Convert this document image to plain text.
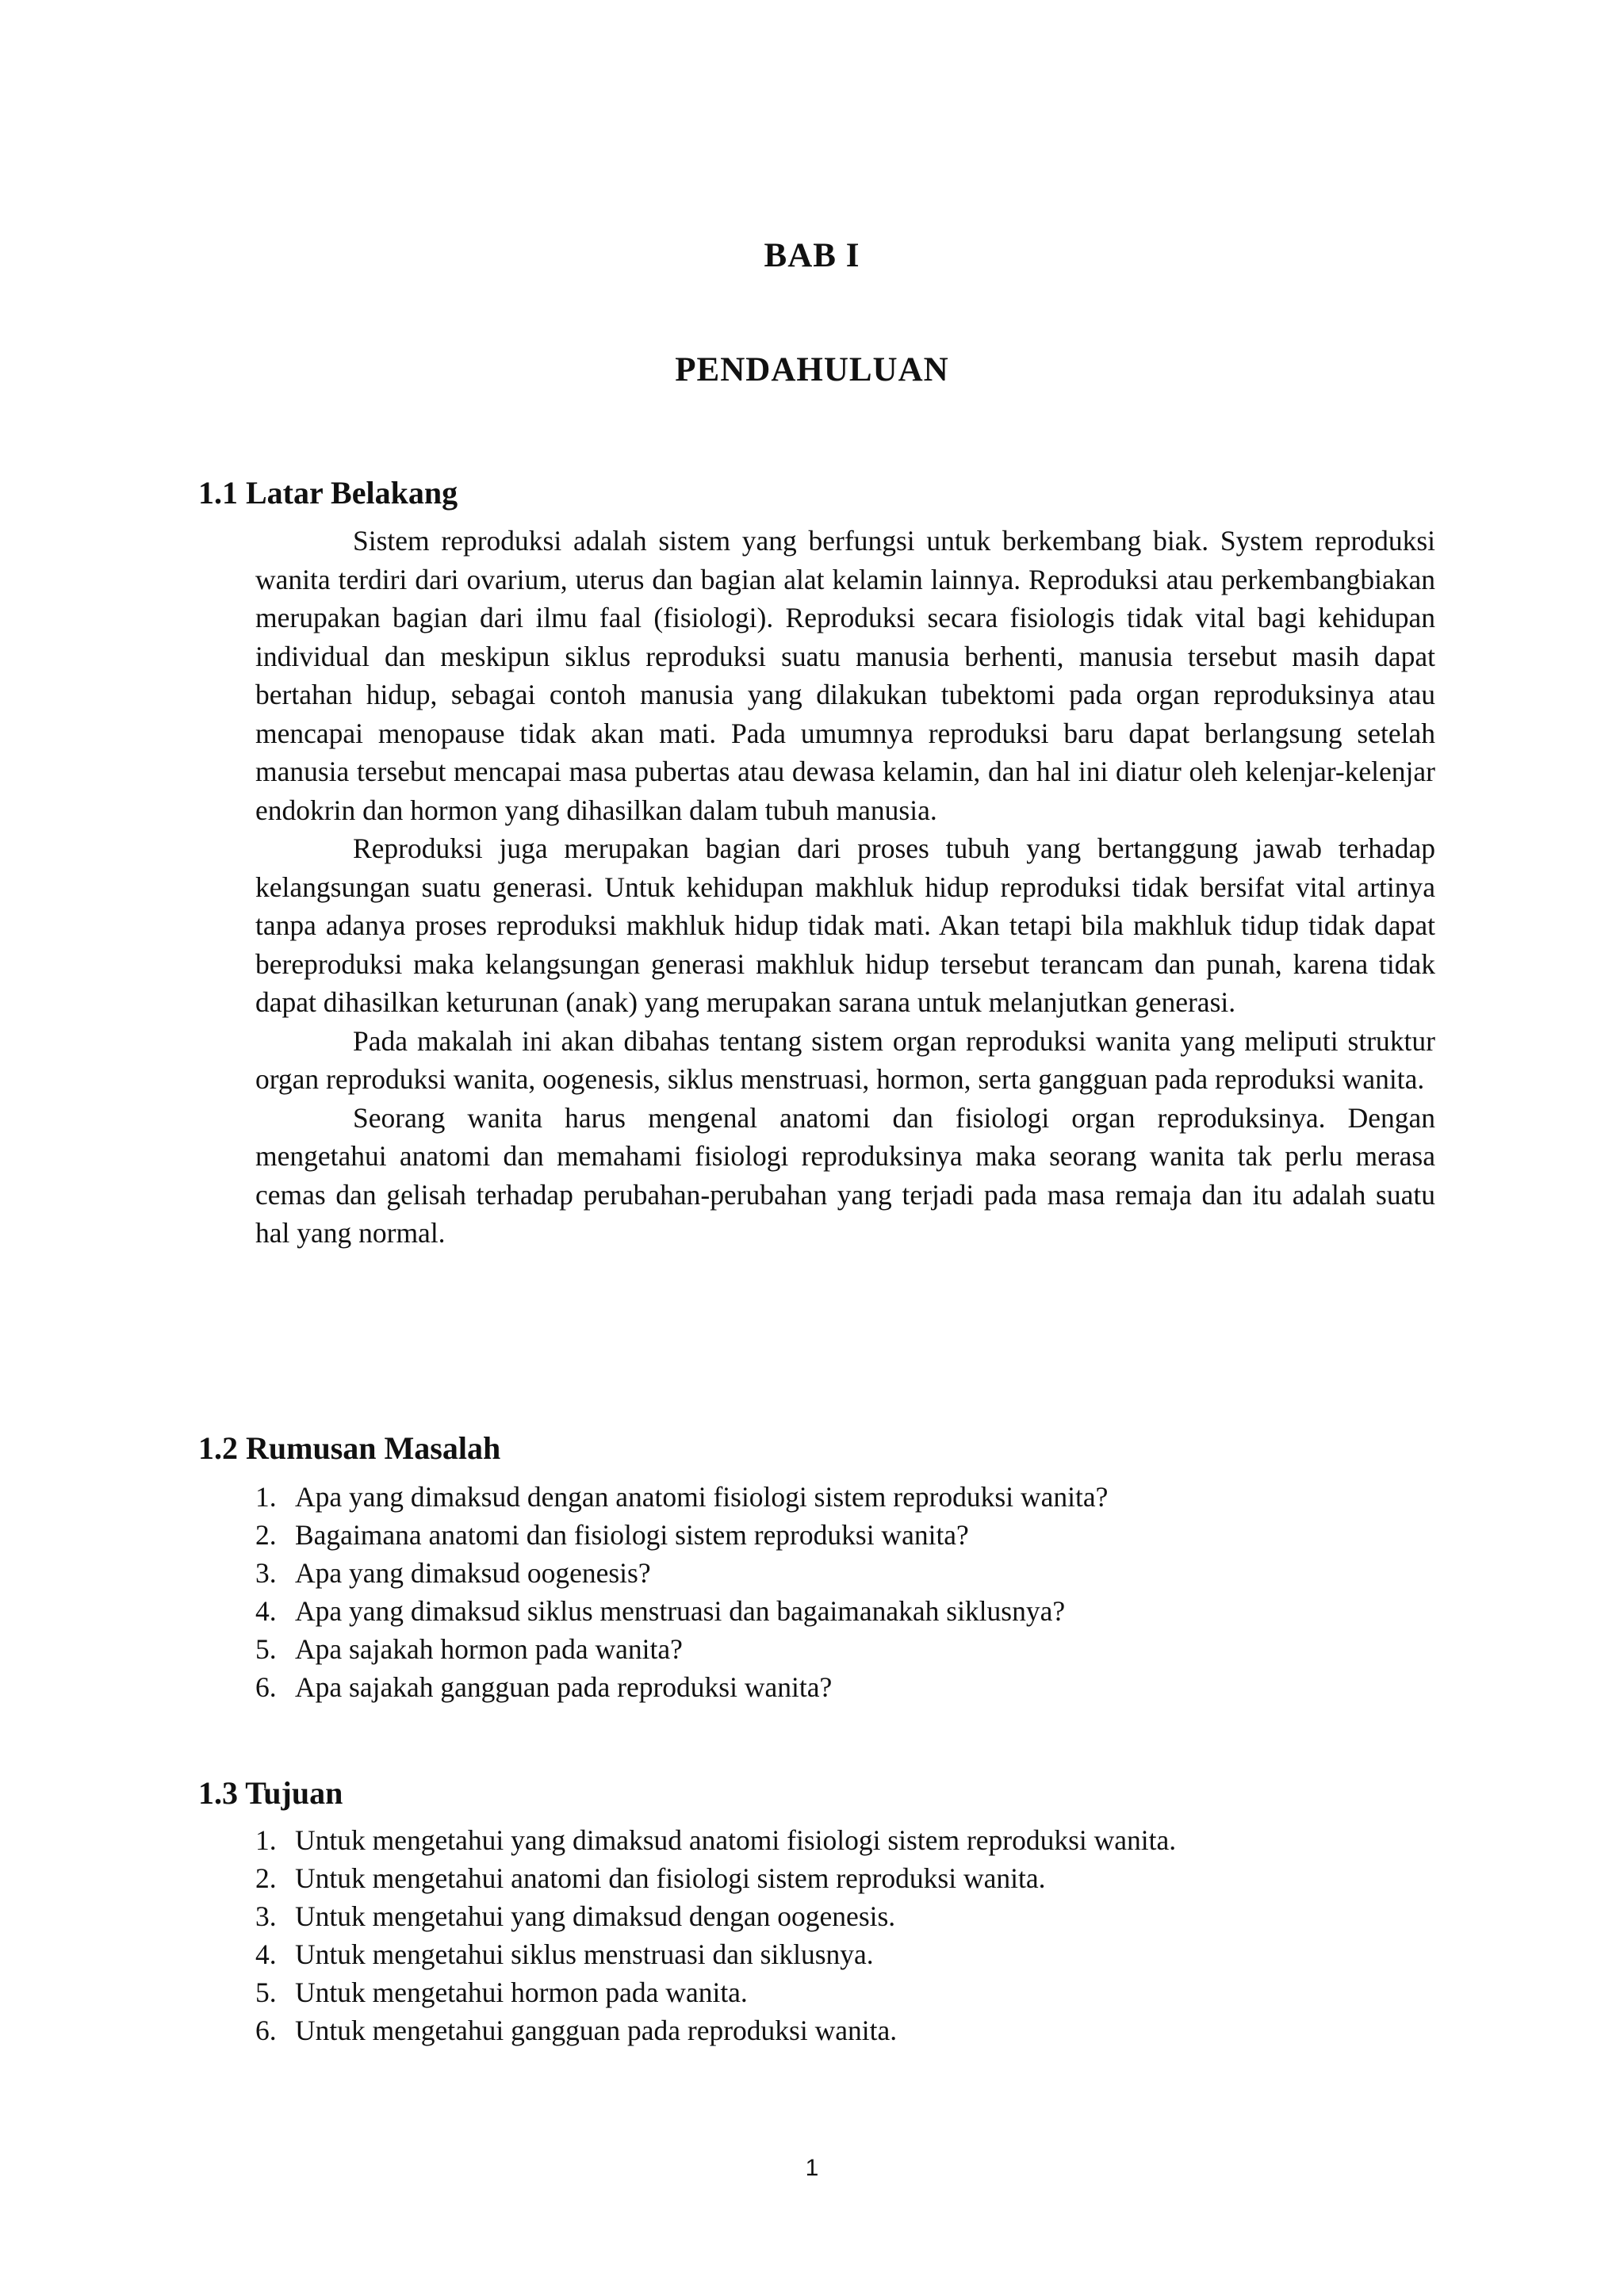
BAB I
PENDAHULUAN
1.1 Latar Belakang

Sistem reproduksi adalah sistem yang berfungsi untuk berkembang biak. System reproduksi wanita terdiri dari ovarium, uterus dan bagian alat kelamin lainnya. Reproduksi atau perkembangbiakan merupakan bagian dari ilmu faal (fisiologi). Reproduksi secara fisiologis tidak vital bagi kehidupan individual dan meskipun siklus reproduksi suatu manusia berhenti, manusia tersebut masih dapat bertahan hidup, sebagai contoh manusia yang dilakukan tubektomi pada organ reproduksinya atau mencapai menopause tidak akan mati. Pada umumnya reproduksi baru dapat berlangsung setelah manusia tersebut mencapai masa pubertas atau dewasa kelamin, dan hal ini diatur oleh kelenjar-kelenjar endokrin dan hormon yang dihasilkan dalam tubuh manusia.

Reproduksi juga merupakan bagian dari proses tubuh yang bertanggung jawab terhadap kelangsungan suatu generasi. Untuk kehidupan makhluk hidup reproduksi tidak bersifat vital artinya tanpa adanya proses reproduksi makhluk hidup tidak mati. Akan tetapi bila makhluk tidup tidak dapat bereproduksi maka kelangsungan generasi makhluk hidup tersebut terancam dan punah, karena tidak dapat dihasilkan keturunan (anak) yang merupakan sarana untuk melanjutkan generasi.

Pada makalah ini akan dibahas tentang sistem organ reproduksi wanita yang meliputi struktur organ reproduksi wanita, oogenesis, siklus menstruasi, hormon, serta gangguan pada reproduksi wanita.

Seorang wanita harus mengenal anatomi dan fisiologi organ reproduksinya. Dengan mengetahui anatomi dan memahami fisiologi reproduksinya maka seorang wanita tak perlu merasa cemas dan gelisah terhadap perubahan-perubahan yang terjadi pada masa remaja dan itu adalah suatu hal yang normal.

1.2 Rumusan Masalah
1. Apa yang dimaksud dengan anatomi fisiologi sistem reproduksi wanita?
2. Bagaimana anatomi dan fisiologi sistem reproduksi wanita?
3. Apa yang dimaksud oogenesis?
4. Apa yang dimaksud siklus menstruasi dan bagaimanakah siklusnya?
5. Apa sajakah hormon pada wanita?
6. Apa sajakah gangguan pada reproduksi wanita?
1.3 Tujuan
1. Untuk mengetahui yang dimaksud anatomi fisiologi sistem reproduksi wanita.
2. Untuk mengetahui anatomi dan fisiologi sistem reproduksi wanita.
3. Untuk mengetahui yang dimaksud dengan oogenesis.
4. Untuk mengetahui siklus menstruasi dan siklusnya.
5. Untuk mengetahui hormon pada wanita.
6. Untuk mengetahui gangguan pada reproduksi wanita.
1
